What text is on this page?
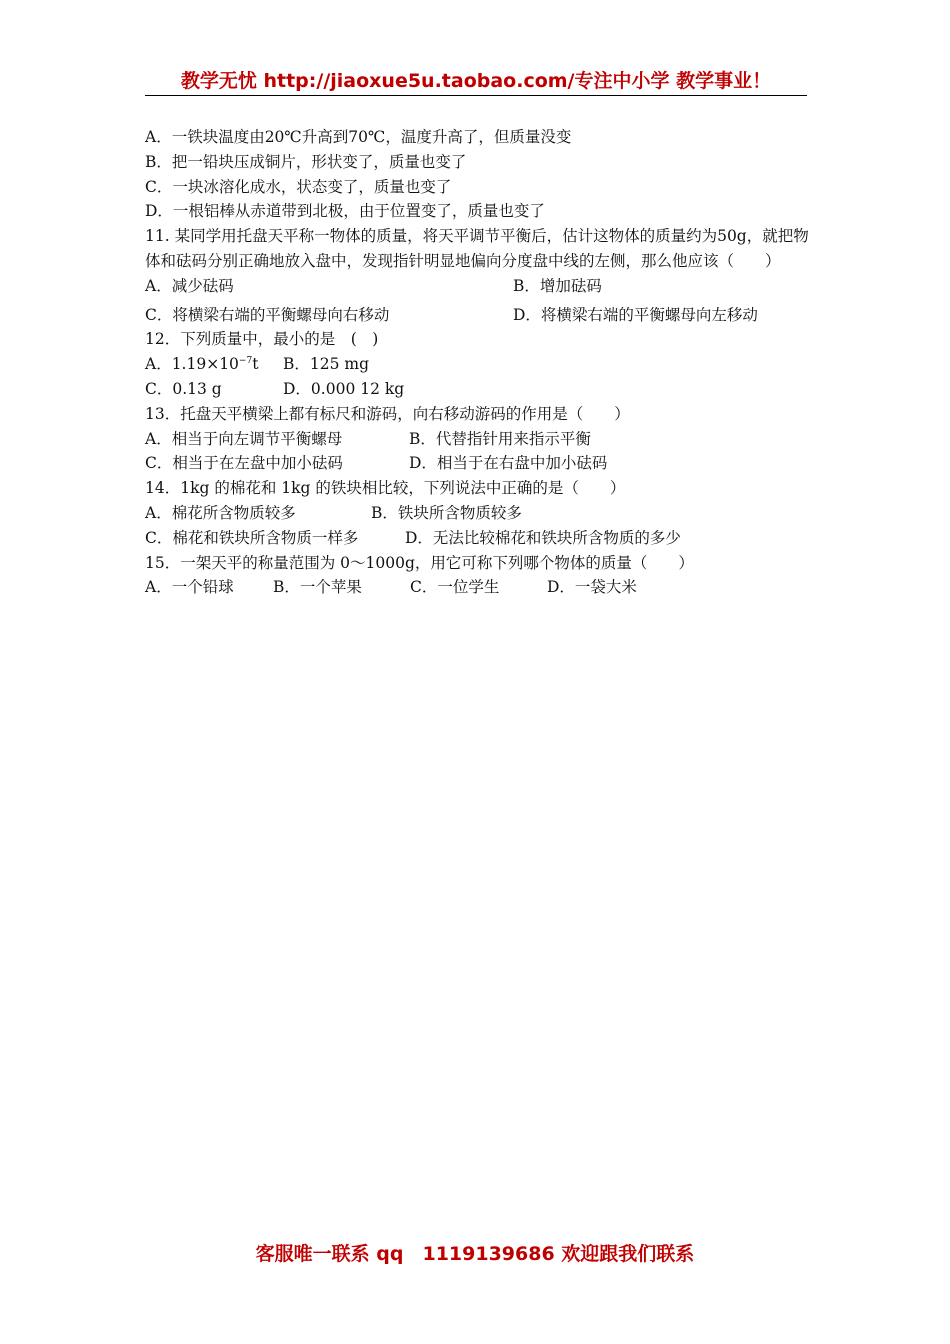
教学无忧 http://jiaoxue5u.taobao.com/专注中小学 教学事业！
A．一铁块温度由20℃升高到70℃，温度升高了，但质量没变
B．把一铅块压成铜片，形状变了，质量也变了
C．一块冰溶化成水，状态变了，质量也变了
D．一根铝棒从赤道带到北极，由于位置变了，质量也变了
11. 某同学用托盘天平称一物体的质量，将天平调节平衡后，估计这物体的质量约为50g，就把物体和砝码分别正确地放入盘中，发现指针明显地偏向分度盘中线的左侧，那么他应该（　　）
A．减少砝码	B．增加砝码
C．将横梁右端的平衡螺母向右移动	D．将横梁右端的平衡螺母向左移动
12．下列质量中，最小的是　(　)
A．$1.19\times 10^{-7}t$ B．125 mg
C．0.13 g	D．0.000 12 kg
13．托盘天平横梁上都有标尺和游码，向右移动游码的作用是（　　）
A．相当于向左调节平衡螺母	B．代替指针用来指示平衡
C．相当于在左盘中加小砝码	D．相当于在右盘中加小砝码
14．1kg 的棉花和 1kg 的铁块相比较，下列说法中正确的是（　　）
A．棉花所含物质较多	B．铁块所含物质较多
C．棉花和铁块所含物质一样多	D．无法比较棉花和铁块所含物质的多少
15．一架天平的称量范围为 0～1000g，用它可称下列哪个物体的质量（　　）
A．一个铅球	B．一个苹果	C．一位学生	D．一袋大米
客服唯一联系 qq　1119139686 欢迎跟我们联系
